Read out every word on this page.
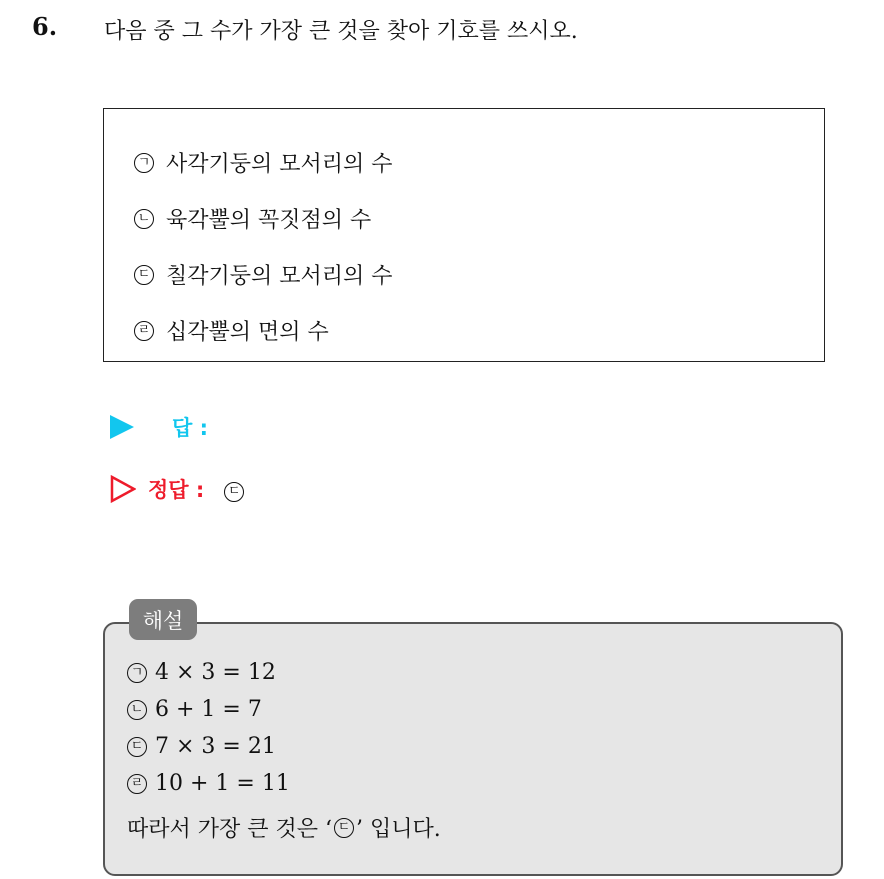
6. 다음 중 그 수가 가장 큰 것을 찾아 기호를 쓰시오.
ㄱ 사각기둥의 모서리의 수
ㄴ 육각뿔의 꼭짓점의 수
ㄷ 칠각기둥의 모서리의 수
ㄹ 십각뿔의 면의 수
답 :
정답 : ㄷ
ㄱ 4 × 3 = 12
ㄴ 6 + 1 = 7
ㄷ 7 × 3 = 21
ㄹ 10 + 1 = 11
따라서 가장 큰 것은 ‘ ㄷ ’ 입니다.
해설
